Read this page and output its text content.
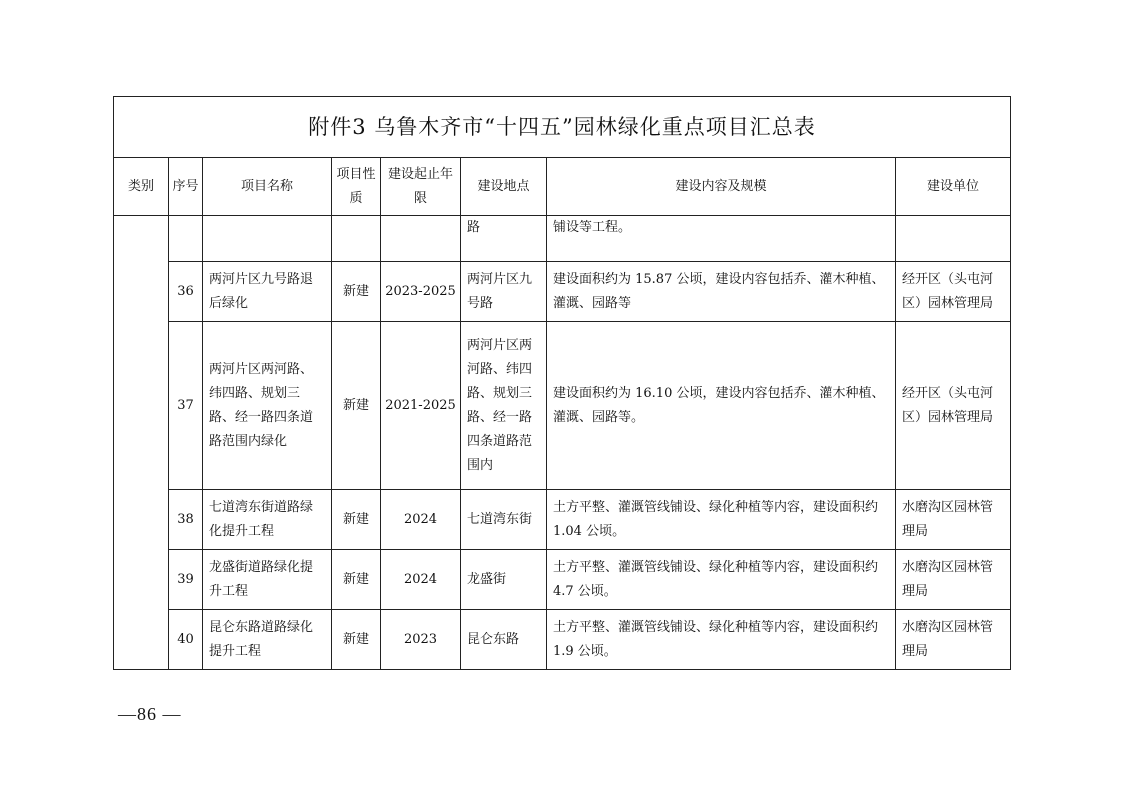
附件3 乌鲁木齐市“十四五”园林绿化重点项目汇总表							
类别	序号	项目名称	项目性质	建设起止年限	建设地点	建设内容及规模	建设单位
					路	铺设等工程。	
	36	两河片区九号路退后绿化	新建	2023-2025	两河片区九号路	建设面积约为 15.87 公顷，建设内容包括乔、灌木种植、灌溉、园路等	经开区（头屯河区）园林管理局
	37	两河片区两河路、纬四路、规划三路、经一路四条道路范围内绿化	新建	2021-2025	两河片区两河路、纬四路、规划三路、经一路四条道路范围内	建设面积约为 16.10 公顷，建设内容包括乔、灌木种植、灌溉、园路等。	经开区（头屯河区）园林管理局
	38	七道湾东街道路绿化提升工程	新建	2024	七道湾东街	土方平整、灌溉管线铺设、绿化种植等内容，建设面积约 1.04 公顷。	水磨沟区园林管理局
	39	龙盛街道路绿化提升工程	新建	2024	龙盛街	土方平整、灌溉管线铺设、绿化种植等内容，建设面积约 4.7 公顷。	水磨沟区园林管理局
	40	昆仑东路道路绿化提升工程	新建	2023	昆仑东路	土方平整、灌溉管线铺设、绿化种植等内容，建设面积约 1.9 公顷。	水磨沟区园林管理局
—86 —
